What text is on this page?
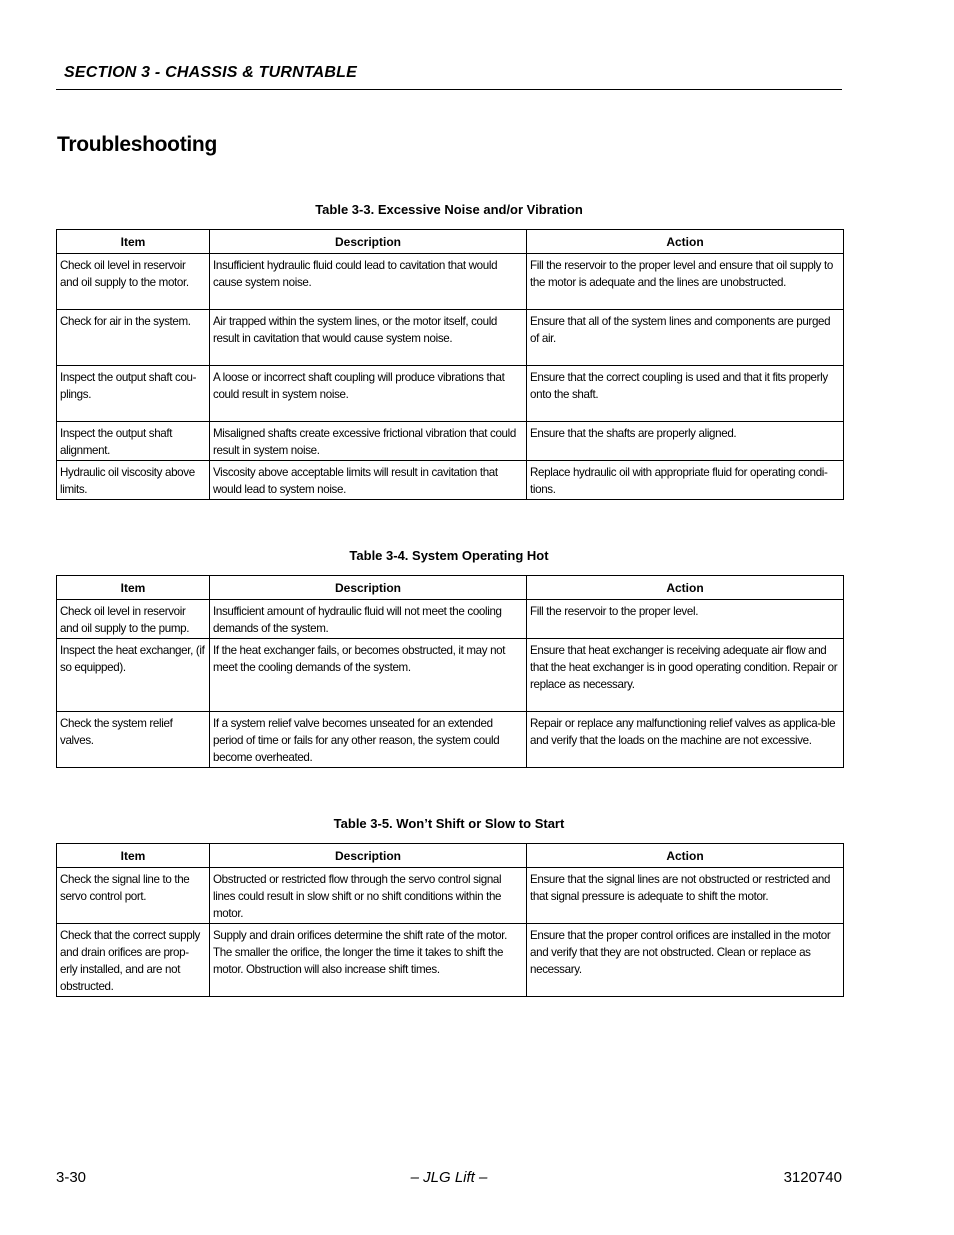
SECTION 3 - CHASSIS & TURNTABLE
Troubleshooting
Table 3-3. Excessive Noise and/or Vibration
Item	Description	Action
Check oil level in reservoir and oil supply to the motor.	Insufficient hydraulic fluid could lead to cavitation that would cause system noise.	Fill the reservoir to the proper level and ensure that oil supply to the motor is adequate and the lines are unobstructed.
Check for air in the system.	Air trapped within the system lines, or the motor itself, could result in cavitation that would cause system noise.	Ensure that all of the system lines and components are purged of air.
Inspect the output shaft cou-plings.	A loose or incorrect shaft coupling will produce vibrations that could result in system noise.	Ensure that the correct coupling is used and that it fits properly onto the shaft.
Inspect the output shaft alignment.	Misaligned shafts create excessive frictional vibration that could result in system noise.	Ensure that the shafts are properly aligned.
Hydraulic oil viscosity above limits.	Viscosity above acceptable limits will result in cavitation that would lead to system noise.	Replace hydraulic oil with appropriate fluid for operating condi-tions.
Table 3-4. System Operating Hot
Item	Description	Action
Check oil level in reservoir and oil supply to the pump.	Insufficient amount of hydraulic fluid will not meet the cooling demands of the system.	Fill the reservoir to the proper level.
Inspect the heat exchanger, (if so equipped).	If the heat exchanger fails, or becomes obstructed, it may not meet the cooling demands of the system.	Ensure that heat exchanger is receiving adequate air flow and that the heat exchanger is in good operating condition. Repair or replace as necessary.
Check the system relief valves.	If a system relief valve becomes unseated for an extended period of time or fails for any other reason, the system could become overheated.	Repair or replace any malfunctioning relief valves as applica-ble and verify that the loads on the machine are not excessive.
Table 3-5. Won’t Shift or Slow to Start
Item	Description	Action
Check the signal line to the servo control port.	Obstructed or restricted flow through the servo control signal lines could result in slow shift or no shift conditions within the motor.	Ensure that the signal lines are not obstructed or restricted and that signal pressure is adequate to shift the motor.
Check that the correct supply and drain orifices are prop-erly installed, and are not obstructed.	Supply and drain orifices determine the shift rate of the motor. The smaller the orifice, the longer the time it takes to shift the motor. Obstruction will also increase shift times.	Ensure that the proper control orifices are installed in the motor and verify that they are not obstructed. Clean or replace as necessary.
3-30	– JLG Lift –	3120740
